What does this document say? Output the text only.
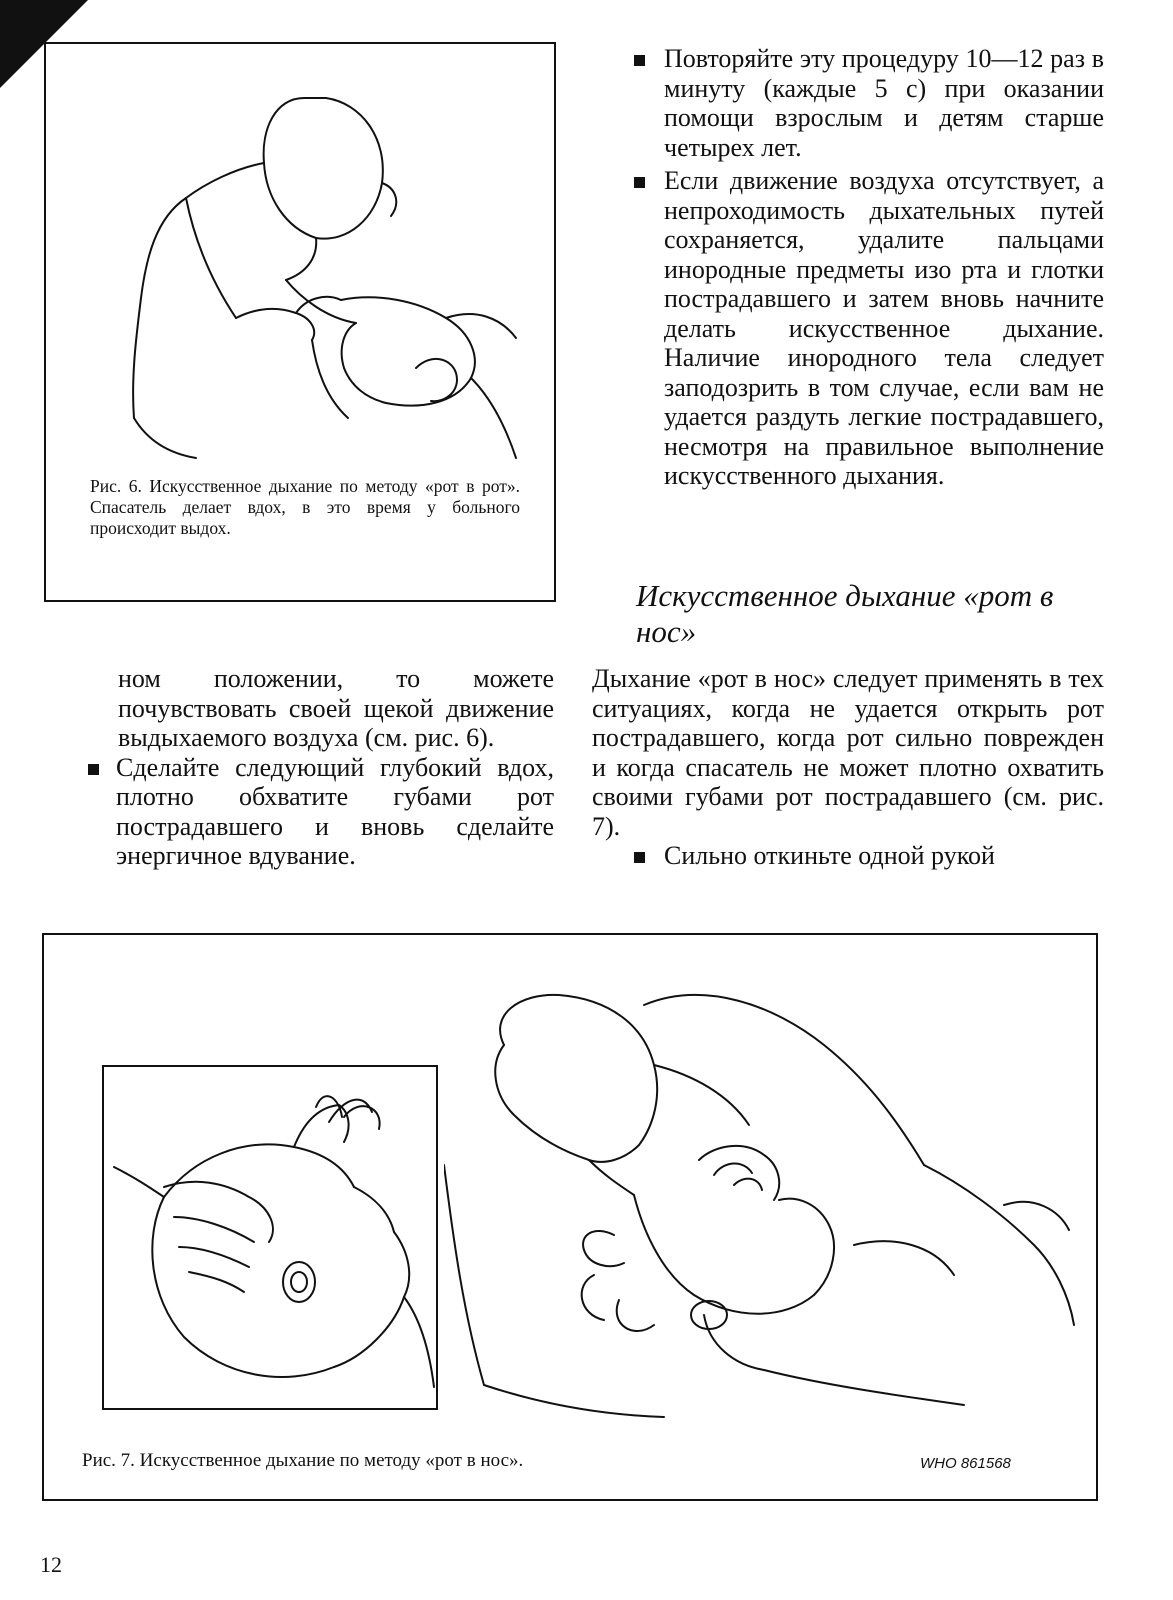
Рис. 6. Искусственное дыхание по методу «рот в рот». Спасатель делает вдох, в это время у больного происходит выдох.

Повторяйте эту процедуру 10—12 раз в минуту (каждые 5 с) при оказании помощи взрослым и детям старше четырех лет.

Если движение воздуха отсутствует, а непроходимость дыхательных путей сохраняется, удалите пальцами инородные предметы изо рта и глотки пострадавшего и затем вновь начните делать искусственное дыхание. Наличие инородного тела следует заподозрить в том случае, если вам не удается раздуть легкие пострадавшего, несмотря на правильное выполнение искусственного дыхания.

Искусственное дыхание «рот в нос»

ном положении, то можете почувствовать своей щекой движение выдыхаемого воздуха (см. рис. 6).

Сделайте следующий глубокий вдох, плотно обхватите губами рот пострадавшего и вновь сделайте энергичное вдувание.

Дыхание «рот в нос» следует применять в тех ситуациях, когда не удается открыть рот пострадавшего, когда рот сильно поврежден и когда спасатель не может плотно охватить своими губами рот пострадавшего (см. рис. 7).

Сильно откиньте одной рукой

Рис. 7. Искусственное дыхание по методу «рот в нос».	WHO 861568
12
